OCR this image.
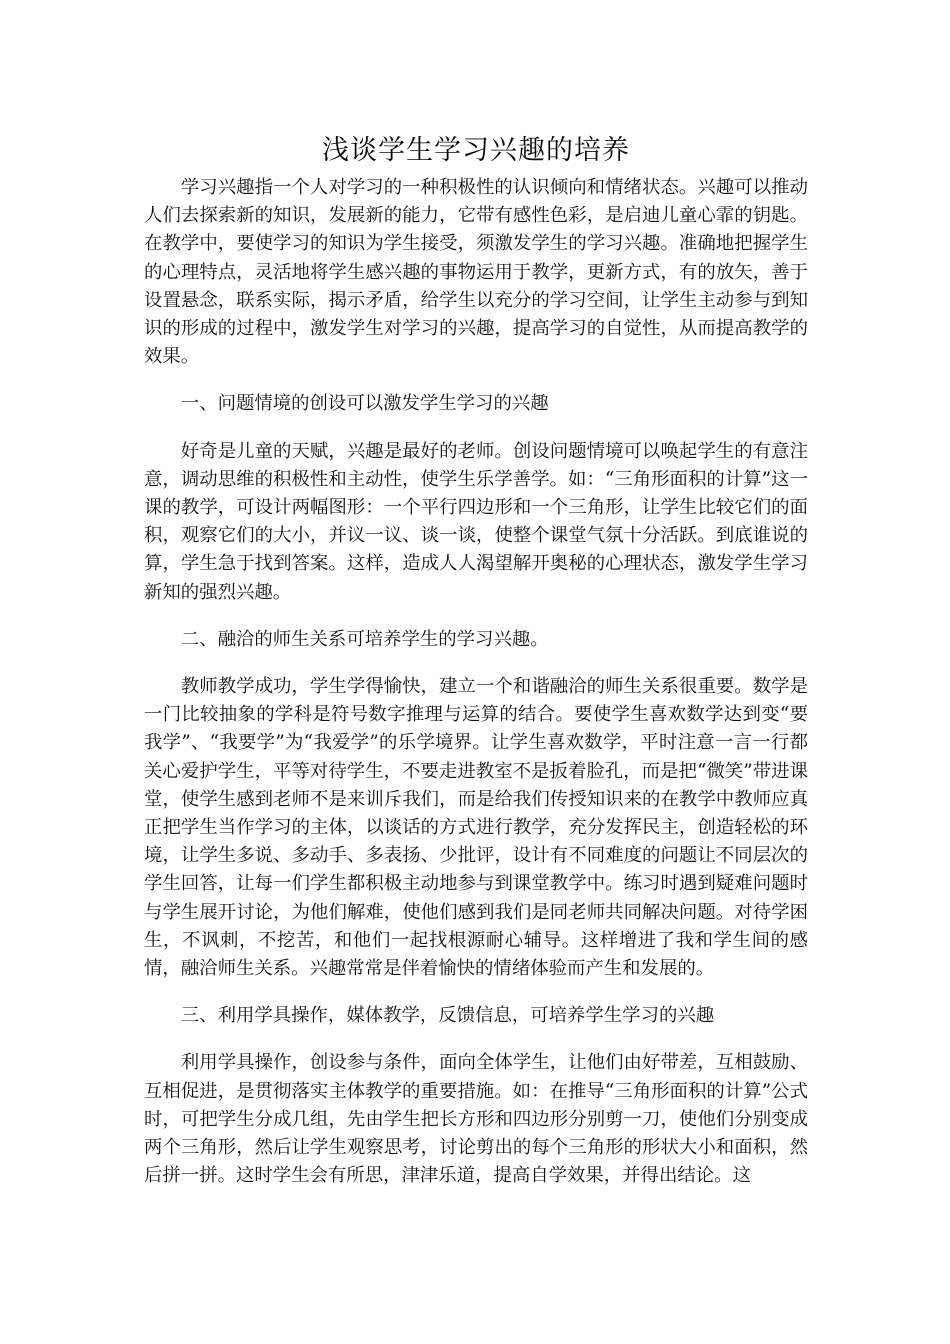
浅谈学生学习兴趣的培养

学习兴趣指一个人对学习的一种积极性的认识倾向和情绪状态。兴趣可以推动人们去探索新的知识，发展新的能力，它带有感性色彩，是启迪儿童心霏的钥匙。在教学中，要使学习的知识为学生接受，须激发学生的学习兴趣。准确地把握学生的心理特点，灵活地将学生感兴趣的事物运用于教学，更新方式，有的放矢，善于设置悬念，联系实际，揭示矛盾，给学生以充分的学习空间，让学生主动参与到知识的形成的过程中，激发学生对学习的兴趣，提高学习的自觉性，从而提高教学的效果。

一、问题情境的创设可以激发学生学习的兴趣

好奇是儿童的天赋，兴趣是最好的老师。创设问题情境可以唤起学生的有意注意，调动思维的积极性和主动性，使学生乐学善学。如：“三角形面积的计算”这一课的教学，可设计两幅图形：一个平行四边形和一个三角形，让学生比较它们的面积，观察它们的大小，并议一议、谈一谈，使整个课堂气氛十分活跃。到底谁说的算，学生急于找到答案。这样，造成人人渴望解开奥秘的心理状态，激发学生学习新知的强烈兴趣。

二、融洽的师生关系可培养学生的学习兴趣。

教师教学成功，学生学得愉快，建立一个和谐融洽的师生关系很重要。数学是一门比较抽象的学科是符号数字推理与运算的结合。要使学生喜欢数学达到变“要我学”、“我要学”为“我爱学”的乐学境界。让学生喜欢数学，平时注意一言一行都关心爱护学生，平等对待学生，不要走进教室不是扳着脸孔，而是把“微笑”带进课堂，使学生感到老师不是来训斥我们，而是给我们传授知识来的在教学中教师应真正把学生当作学习的主体，以谈话的方式进行教学，充分发挥民主，创造轻松的环境，让学生多说、多动手、多表扬、少批评，设计有不同难度的问题让不同层次的学生回答，让每一们学生都积极主动地参与到课堂教学中。练习时遇到疑难问题时与学生展开讨论，为他们解难，使他们感到我们是同老师共同解决问题。对待学困生，不讽刺，不挖苦，和他们一起找根源耐心辅导。这样增进了我和学生间的感情，融洽师生关系。兴趣常常是伴着愉快的情绪体验而产生和发展的。

三、利用学具操作，媒体教学，反馈信息，可培养学生学习的兴趣

利用学具操作，创设参与条件，面向全体学生，让他们由好带差，互相鼓励、互相促进，是贯彻落实主体教学的重要措施。如：在推导“三角形面积的计算”公式时，可把学生分成几组，先由学生把长方形和四边形分别剪一刀，使他们分别变成两个三角形，然后让学生观察思考，讨论剪出的每个三角形的形状大小和面积，然后拼一拼。这时学生会有所思，津津乐道，提高自学效果，并得出结论。这
